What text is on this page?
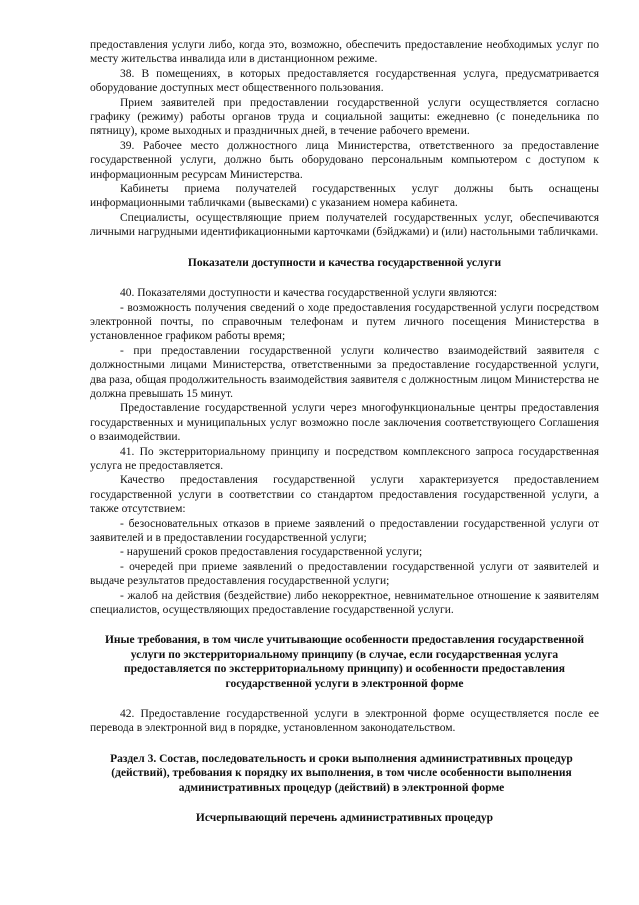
предоставления услуги либо, когда это, возможно, обеспечить предоставление необходимых услуг по месту жительства инвалида или в дистанционном режиме.

38. В помещениях, в которых предоставляется государственная услуга, предусматривается оборудование доступных мест общественного пользования.

Прием заявителей при предоставлении государственной услуги осуществляется согласно графику (режиму) работы органов труда и социальной защиты: ежедневно (с понедельника по пятницу), кроме выходных и праздничных дней, в течение рабочего времени.

39. Рабочее место должностного лица Министерства, ответственного за предоставление государственной услуги, должно быть оборудовано персональным компьютером с доступом к информационным ресурсам Министерства.

Кабинеты приема получателей государственных услуг должны быть оснащены информационными табличками (вывесками) с указанием номера кабинета.

Специалисты, осуществляющие прием получателей государственных услуг, обеспечиваются личными нагрудными идентификационными карточками (бэйджами) и (или) настольными табличками.

Показатели доступности и качества государственной услуги

40. Показателями доступности и качества государственной услуги являются:

- возможность получения сведений о ходе предоставления государственной услуги посредством электронной почты, по справочным телефонам и путем личного посещения Министерства в установленное графиком работы время;

- при предоставлении государственной услуги количество взаимодействий заявителя с должностными лицами Министерства, ответственными за предоставление государственной услуги, два раза, общая продолжительность взаимодействия заявителя с должностным лицом Министерства не должна превышать 15 минут.

Предоставление государственной услуги через многофункциональные центры предоставления государственных и муниципальных услуг возможно после заключения соответствующего Соглашения о взаимодействии.

41. По экстерриториальному принципу и посредством комплексного запроса государственная услуга не предоставляется.

Качество предоставления государственной услуги характеризуется предоставлением государственной услуги в соответствии со стандартом предоставления государственной услуги, а также отсутствием:

- безосновательных отказов в приеме заявлений о предоставлении государственной услуги от заявителей и в предоставлении государственной услуги;

- нарушений сроков предоставления государственной услуги;

- очередей при приеме заявлений о предоставлении государственной услуги от заявителей и выдаче результатов предоставления государственной услуги;

- жалоб на действия (бездействие) либо некорректное, невнимательное отношение к заявителям специалистов, осуществляющих предоставление государственной услуги.

Иные требования, в том числе учитывающие особенности предоставления государственной услуги по экстерриториальному принципу (в случае, если государственная услуга предоставляется по экстерриториальному принципу) и особенности предоставления государственной услуги в электронной форме

42. Предоставление государственной услуги в электронной форме осуществляется после ее перевода в электронной вид в порядке, установленном законодательством.

Раздел 3. Состав, последовательность и сроки выполнения административных процедур (действий), требования к порядку их выполнения, в том числе особенности выполнения административных процедур (действий) в электронной форме

Исчерпывающий перечень административных процедур
